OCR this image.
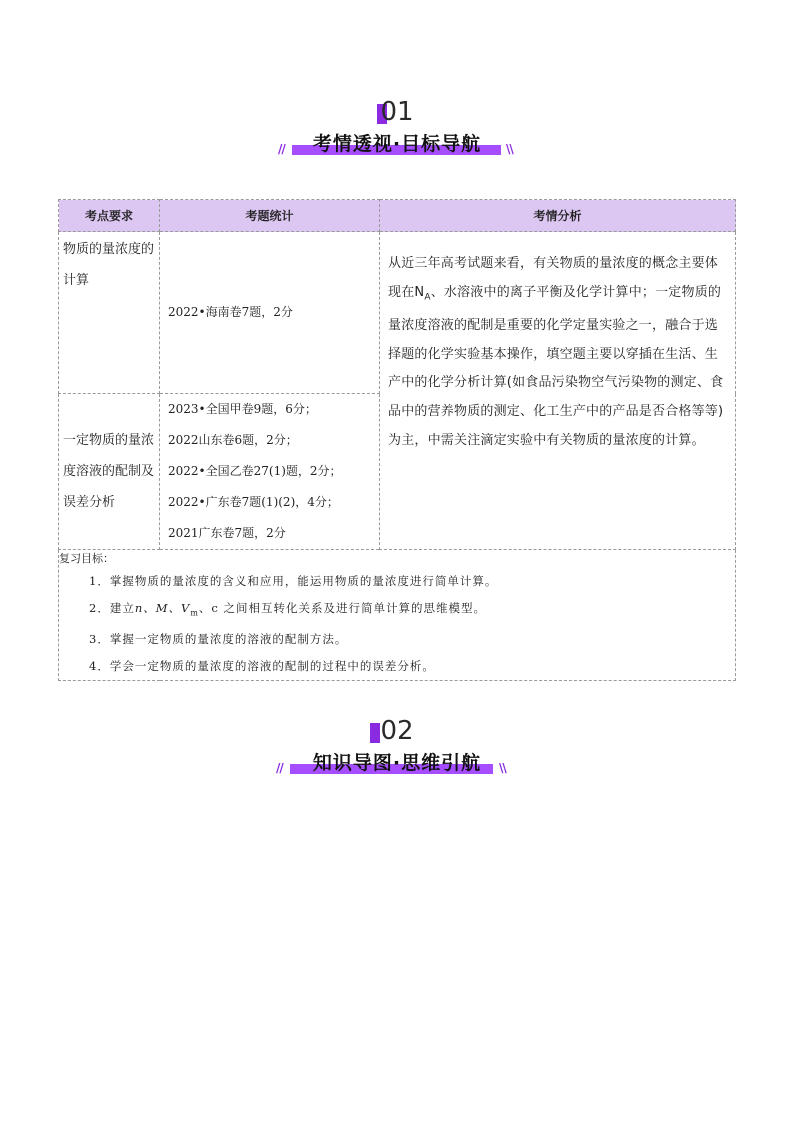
01
//	考情透视·目标导航	\\
考点要求	考题统计	考情分析

物质的量浓度的计算	2022•海南卷7题，2分	从近三年高考试题来看，有关物质的量浓度的概念主要体现在$N_A$、水溶液中的离子平衡及化学计算中；一定物质的量浓度溶液的配制是重要的化学定量实验之一，融合于选择题的化学实验基本操作，填空题主要以穿插在生活、生产中的化学分析计算(如食品污染物空气污染物的测定、食品中的营养物质的测定、化工生产中的产品是否合格等等)为主，中需关注滴定实验中有关物质的量浓度的计算。

一定物质的量浓度溶液的配制及误差分析	2023•全国甲卷9题，6分；
2022山东卷6题，2分；
2022•全国乙卷27(1)题，2分；
2022•广东卷7题(1)(2)，4分；
2021广东卷7题，2分	

复习目标：
1．掌握物质的量浓度的含义和应用，能运用物质的量浓度进行简单计算。
2．建立n、M、$V_m$、c 之间相互转化关系及进行简单计算的思维模型。
3．掌握一定物质的量浓度的溶液的配制方法。
4．学会一定物质的量浓度的溶液的配制的过程中的误差分析。		
02
//	知识导图·思维引航	\\
